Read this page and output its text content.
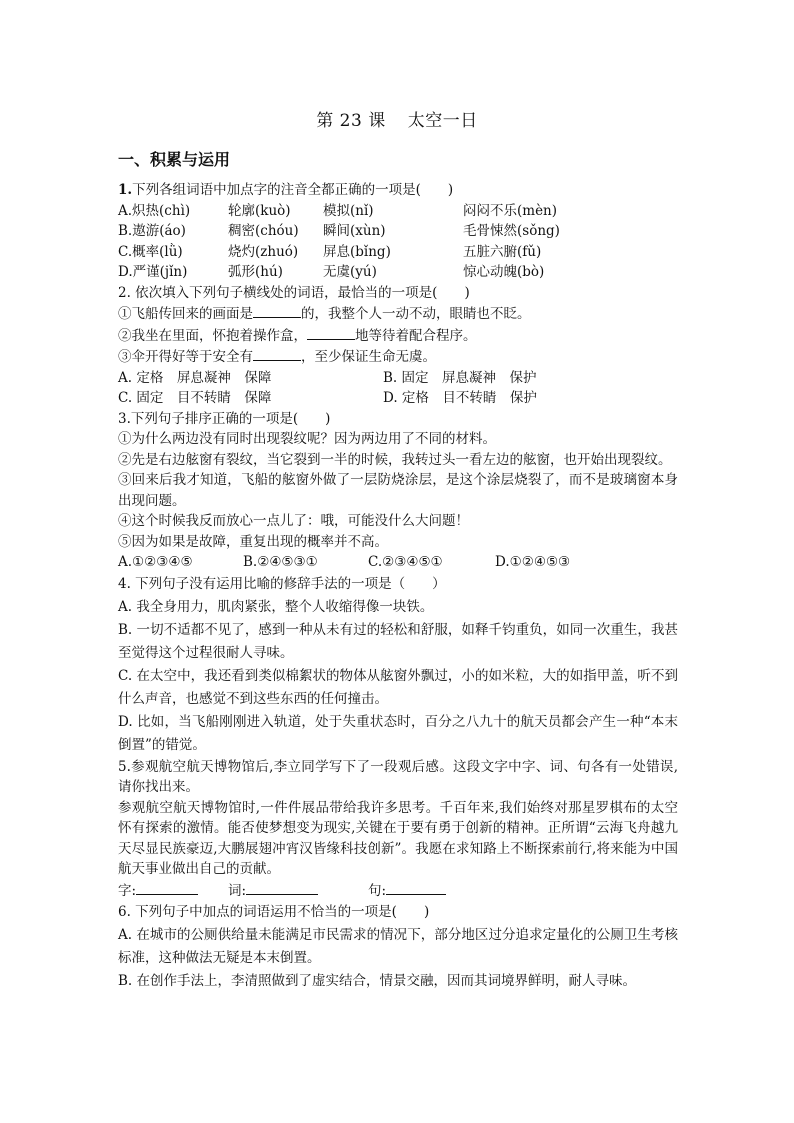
第 23 课 太空一日
一、积累与运用
1.下列各组词语中加点字的注音全都正确的一项是(　　)
A.炽热(chì)	轮廓(kuò)	模拟(nǐ)	闷闷不乐(mèn)
B.遨游(áo)	稠密(chóu)	瞬间(xùn)	毛骨悚然(sǒng)
C.概率(lǜ)	烧灼(zhuó)	屏息(bǐng)	五脏六腑(fǔ)
D.严谨(jǐn)	弧形(hú)	无虞(yú)	惊心动魄(bò)
2. 依次填入下列句子横线处的词语，最恰当的一项是(　　)
①飞船传回来的画面是	的，我整个人一动不动，眼睛也不眨。
②我坐在里面，怀抱着操作盒，	地等待着配合程序。
③伞开得好等于安全有	，至少保证生命无虞。
A. 定格　屏息凝神　保障	B. 固定　屏息凝神　保护
C. 固定　目不转睛　保障	D. 定格　目不转睛　保护
3.下列句子排序正确的一项是(　　)
①为什么两边没有同时出现裂纹呢？因为两边用了不同的材料。
②先是右边舷窗有裂纹，当它裂到一半的时候，我转过头一看左边的舷窗，也开始出现裂纹。
③回来后我才知道，飞船的舷窗外做了一层防烧涂层，是这个涂层烧裂了，而不是玻璃窗本身出现问题。
④这个时候我反而放心一点儿了：哦，可能没什么大问题！
⑤因为如果是故障，重复出现的概率并不高。
A.①②③④⑤	B.②④⑤③①	C.②③④⑤①	D.①②④⑤③
4. 下列句子没有运用比喻的修辞手法的一项是（　　）
A. 我全身用力，肌肉紧张，整个人收缩得像一块铁。
B. 一切不适都不见了，感到一种从未有过的轻松和舒服，如释千钧重负，如同一次重生，我甚至觉得这个过程很耐人寻味。
C. 在太空中，我还看到类似棉絮状的物体从舷窗外飘过，小的如米粒，大的如指甲盖，听不到什么声音，也感觉不到这些东西的任何撞击。
D. 比如，当飞船刚刚进入轨道，处于失重状态时，百分之八九十的航天员都会产生一种“本末倒置”的错觉。
5.参观航空航天博物馆后,李立同学写下了一段观后感。这段文字中字、词、句各有一处错误,请你找出来。
参观航空航天博物馆时,一件件展品带给我许多思考。千百年来,我们始终对那星罗棋布的太空怀有探索的激情。能否使梦想变为现实,关键在于要有勇于创新的精神。正所谓“云海飞舟越九天尽显民族豪迈,大鹏展翅冲宵汉皆缘科技创新”。我愿在求知路上不断探索前行,将来能为中国航天事业做出自己的贡献。
字:	词:	句:
6. 下列句子中加点的词语运用不恰当的一项是(　　)
A. 在城市的公厕供给量未能满足市民需求的情况下，部分地区过分追求定量化的公厕卫生考核标准，这种做法无疑是本末倒置。
B. 在创作手法上，李清照做到了虚实结合，情景交融，因而其词境界鲜明，耐人寻味。
